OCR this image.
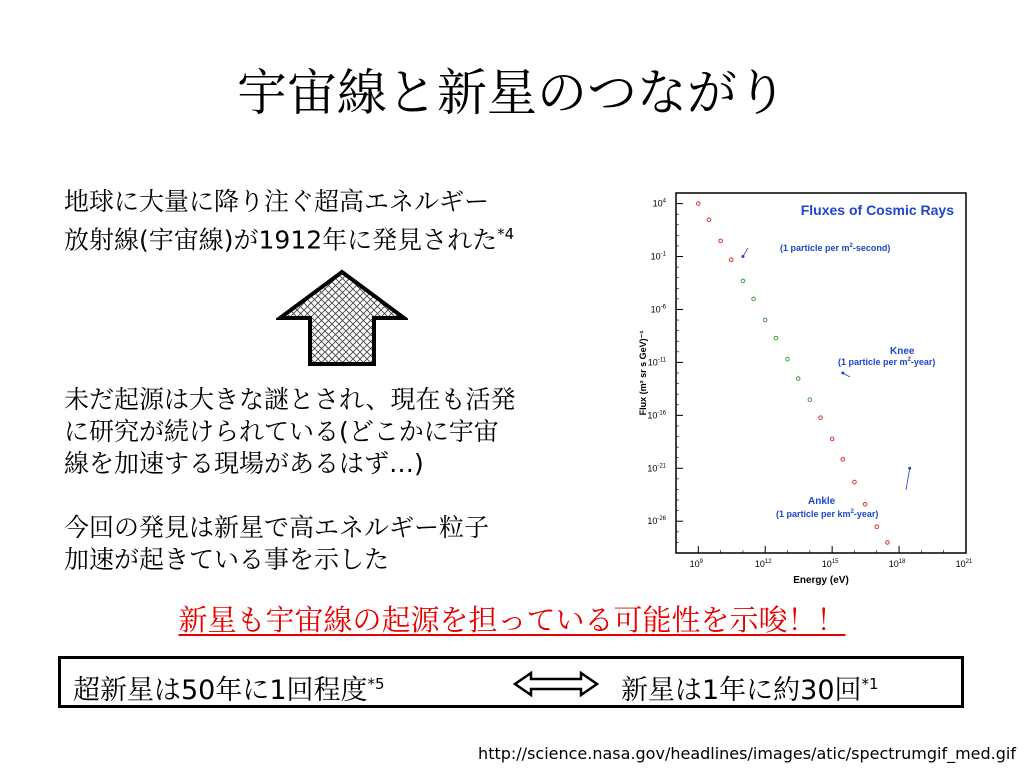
宇宙線と新星のつながり
地球に大量に降り注ぐ超高エネルギー
放射線(宇宙線)が1912年に発見された$^{*4}$
未だ起源は大きな謎とされ、現在も活発
に研究が続けられている(どこかに宇宙
線を加速する現場があるはず…)
今回の発見は新星で高エネルギー粒子
加速が起きている事を示した
Fluxes of Cosmic Rays
$10^4$
$10^{-1}$
$10^{-6}$
$10^{-11}$
$10^{-16}$
$10^{-21}$
$10^{-26}$
$10^9$	$10^{12}$	$10^{15}$	$10^{18}$	$10^{21}$
(1 particle per $m^2-second$)
Knee
(1 particle per $m^2-year$)
Ankle
(1 particle per $km^2-year$)
Energy (eV)
Flux (m² sr s GeV)⁻¹
新星も宇宙線の起源を担っている可能性を示唆！！
超新星は50年に1回程度$^{*5}$	新星は1年に約30回$^{*1}$
http://science.nasa.gov/headlines/images/atic/spectrumgif_med.gif
